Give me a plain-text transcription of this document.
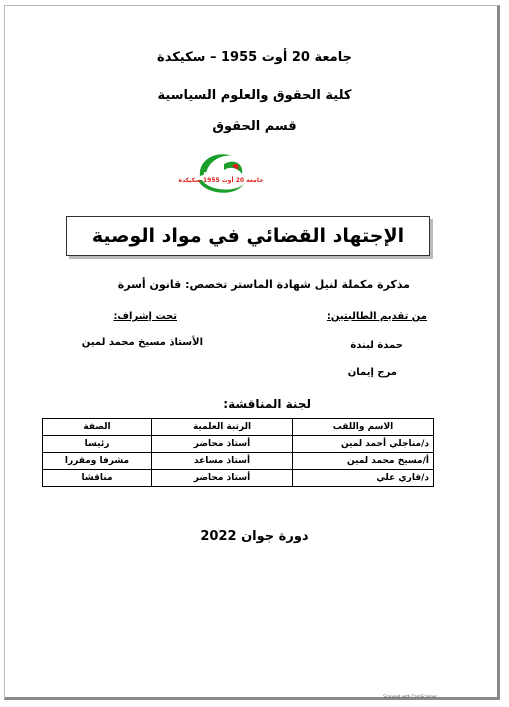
جامعة 20 أوت 1955 – سكيكدة
كلية الحقوق والعلوم السياسية
قسم الحقوق
جامعة 20 أوت 1955 سكيكدة
الإجتهاد القضائي في مواد الوصية
مذكرة مكملة لنيل شهادة الماستر تخصص: قانون أسرة
من تقديم الطالبتين:
تحت إشراف:
حمدة لبندة
مرج إيمان
الأستاذ مسيخ محمد لمين
لجنة المناقشة:
الاسم واللقب	الرتبة العلمية	الصفة
د/مناجلي أحمد لمين	أستاذ محاضر	رئيسا
أ/مسيخ محمد لمين	أستاذ مساعد	مشرفا ومقررا
د/قاري علي	أستاذ محاضر	مناقشا
دورة جوان 2022
Scanned with CamScanner
